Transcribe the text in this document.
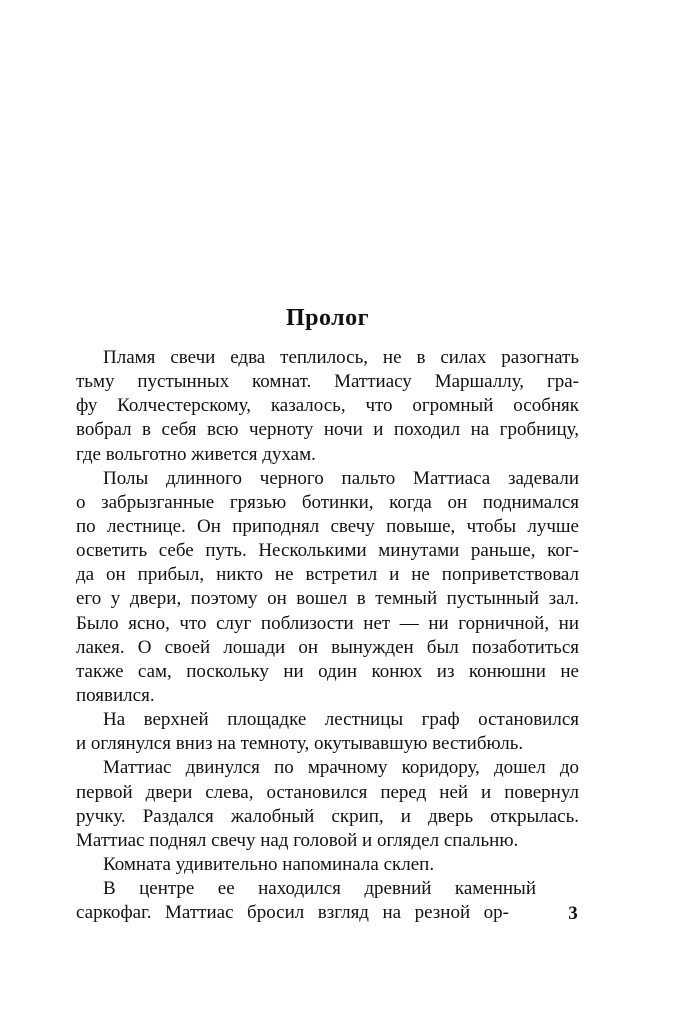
Пролог
Пламя свечи едва теплилось, не в силах разогнать
тьму пустынных комнат. Маттиасу Маршаллу, гра-
фу Колчестерскому, казалось, что огромный особняк
вобрал в себя всю черноту ночи и походил на гробницу,
где вольготно живется духам.
Полы длинного черного пальто Маттиаса задевали
о забрызганные грязью ботинки, когда он поднимался
по лестнице. Он приподнял свечу повыше, чтобы лучше
осветить себе путь. Несколькими минутами раньше, ког-
да он прибыл, никто не встретил и не поприветствовал
его у двери, поэтому он вошел в темный пустынный зал.
Было ясно, что слуг поблизости нет — ни горничной, ни
лакея. О своей лошади он вынужден был позаботиться
также сам, поскольку ни один конюх из конюшни не
появился.
На верхней площадке лестницы граф остановился
и оглянулся вниз на темноту, окутывавшую вестибюль.
Маттиас двинулся по мрачному коридору, дошел до
первой двери слева, остановился перед ней и повернул
ручку. Раздался жалобный скрип, и дверь открылась.
Маттиас поднял свечу над головой и оглядел спальню.
Комната удивительно напоминала склеп.
В центре ее находился древний каменный
саркофаг. Маттиас бросил взгляд на резной ор-	3
